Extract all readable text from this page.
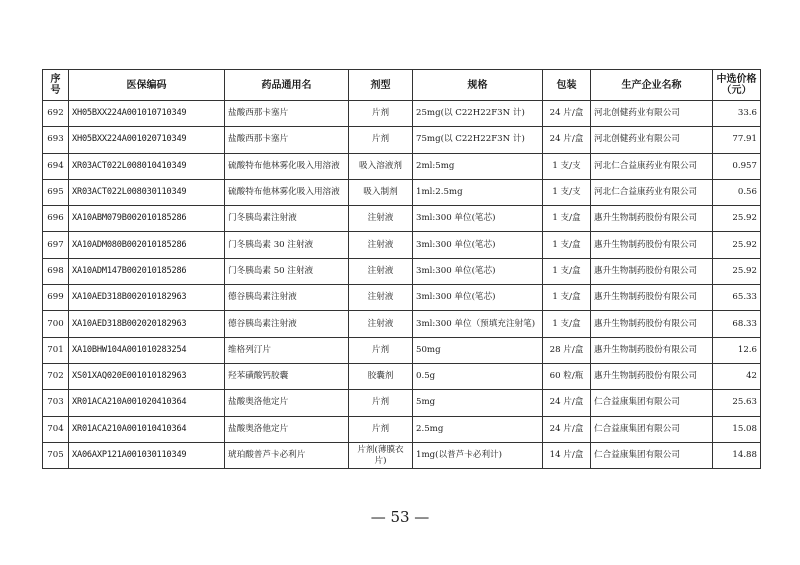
序号	医保编码	药品通用名	剂型	规格	包装	生产企业名称	中选价格（元）
692	XH05BXX224A001010710349	盐酸西那卡塞片	片剂	25mg(以 C22H22F3N 计)	24 片/盒	河北创健药业有限公司	33.6
693	XH05BXX224A001020710349	盐酸西那卡塞片	片剂	75mg(以 C22H22F3N 计)	24 片/盒	河北创健药业有限公司	77.91
694	XR03ACT022L008010410349	硫酸特布他林雾化吸入用溶液	吸入溶液剂	2ml:5mg	1 支/支	河北仁合益康药业有限公司	0.957
695	XR03ACT022L008030110349	硫酸特布他林雾化吸入用溶液	吸入制剂	1ml:2.5mg	1 支/支	河北仁合益康药业有限公司	0.56
696	XA10ABM079B002010185286	门冬胰岛素注射液	注射液	3ml:300 单位(笔芯)	1 支/盒	惠升生物制药股份有限公司	25.92
697	XA10ADM080B002010185286	门冬胰岛素 30 注射液	注射液	3ml:300 单位(笔芯)	1 支/盒	惠升生物制药股份有限公司	25.92
698	XA10ADM147B002010185286	门冬胰岛素 50 注射液	注射液	3ml:300 单位(笔芯)	1 支/盒	惠升生物制药股份有限公司	25.92
699	XA10AED318B002010182963	德谷胰岛素注射液	注射液	3ml:300 单位(笔芯)	1 支/盒	惠升生物制药股份有限公司	65.33
700	XA10AED318B002020182963	德谷胰岛素注射液	注射液	3ml:300 单位（预填充注射笔)	1 支/盒	惠升生物制药股份有限公司	68.33
701	XA10BHW104A001010283254	维格列汀片	片剂	50mg	28 片/盒	惠升生物制药股份有限公司	12.6
702	XS01XAQ020E001010182963	羟苯磺酸钙胶囊	胶囊剂	0.5g	60 粒/瓶	惠升生物制药股份有限公司	42
703	XR01ACA210A001020410364	盐酸奥洛他定片	片剂	5mg	24 片/盒	仁合益康集团有限公司	25.63
704	XR01ACA210A001010410364	盐酸奥洛他定片	片剂	2.5mg	24 片/盒	仁合益康集团有限公司	15.08
705	XA06AXP121A001030110349	琥珀酸普芦卡必利片	片剂(薄膜衣片)	1mg(以普芦卡必利计)	14 片/盒	仁合益康集团有限公司	14.88
— 53 —
